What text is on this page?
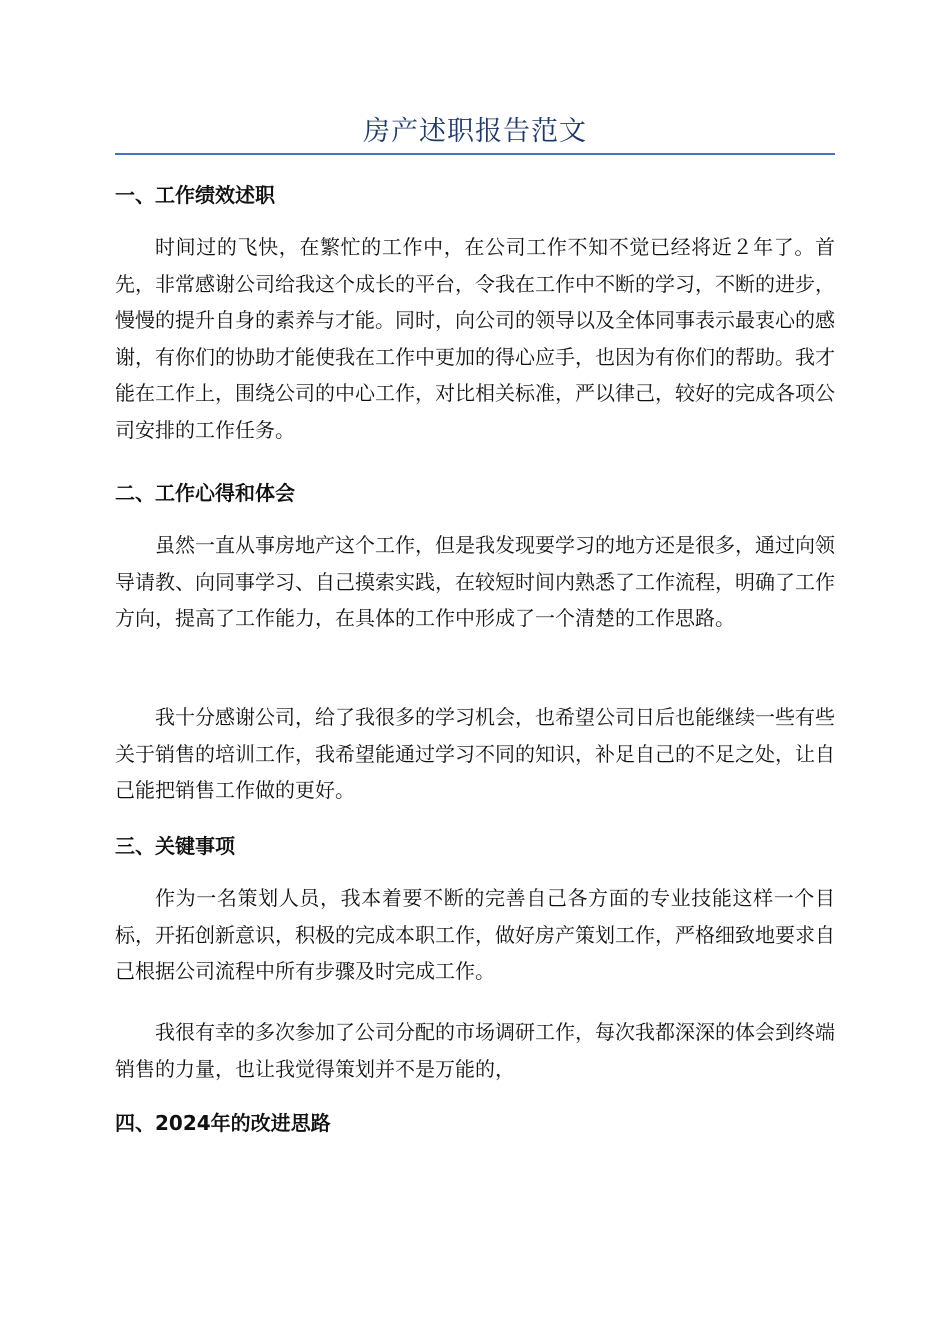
房产述职报告范文
一、工作绩效述职
时间过的飞快，在繁忙的工作中，在公司工作不知不觉已经将近２年了。首先，非常感谢公司给我这个成长的平台，令我在工作中不断的学习，不断的进步，慢慢的提升自身的素养与才能。同时，向公司的领导以及全体同事表示最衷心的感谢，有你们的协助才能使我在工作中更加的得心应手，也因为有你们的帮助。我才能在工作上，围绕公司的中心工作，对比相关标准，严以律己，较好的完成各项公司安排的工作任务。
二、工作心得和体会
虽然一直从事房地产这个工作，但是我发现要学习的地方还是很多，通过向领导请教、向同事学习、自己摸索实践，在较短时间内熟悉了工作流程，明确了工作方向，提高了工作能力，在具体的工作中形成了一个清楚的工作思路。
我十分感谢公司，给了我很多的学习机会，也希望公司日后也能继续一些有些关于销售的培训工作，我希望能通过学习不同的知识，补足自己的不足之处，让自己能把销售工作做的更好。
三、关键事项
作为一名策划人员，我本着要不断的完善自己各方面的专业技能这样一个目标，开拓创新意识，积极的完成本职工作，做好房产策划工作，严格细致地要求自己根据公司流程中所有步骤及时完成工作。
我很有幸的多次参加了公司分配的市场调研工作，每次我都深深的体会到终端销售的力量，也让我觉得策划并不是万能的，
四、2024年的改进思路
